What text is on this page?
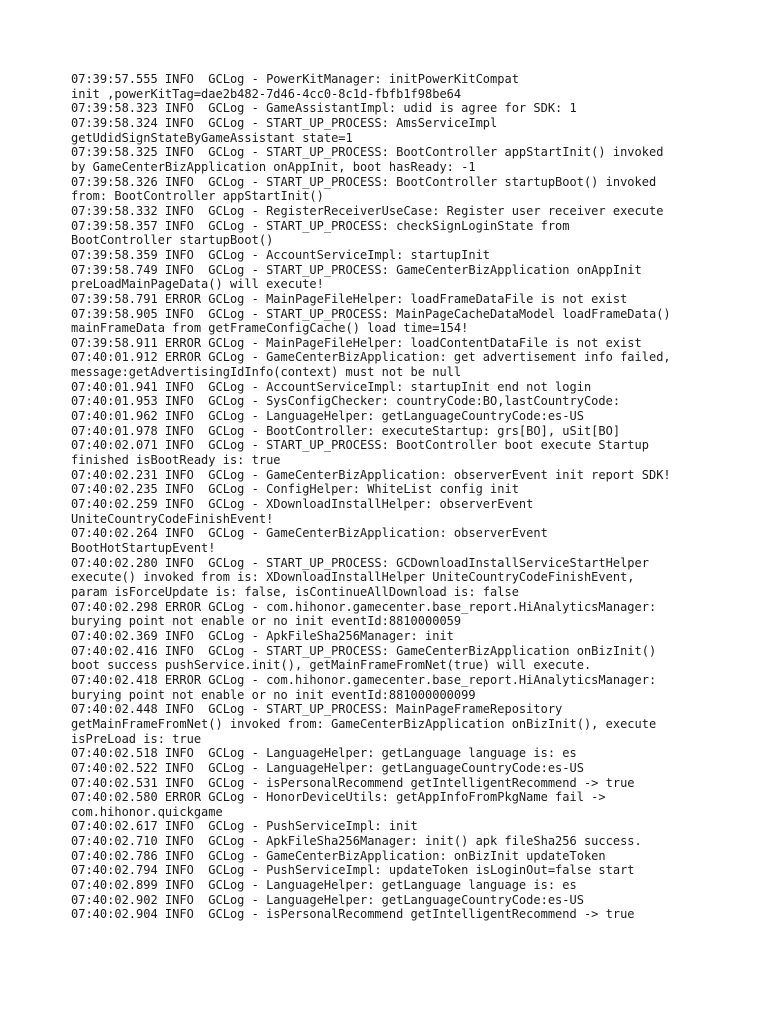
07:39:57.555 INFO  GCLog - PowerKitManager: initPowerKitCompat
init ,powerKitTag=dae2b482-7d46-4cc0-8c1d-fbfb1f98be64
07:39:58.323 INFO  GCLog - GameAssistantImpl: udid is agree for SDK: 1
07:39:58.324 INFO  GCLog - START_UP_PROCESS: AmsServiceImpl
getUdidSignStateByGameAssistant state=1
07:39:58.325 INFO  GCLog - START_UP_PROCESS: BootController appStartInit() invoked
by GameCenterBizApplication onAppInit, boot hasReady: -1
07:39:58.326 INFO  GCLog - START_UP_PROCESS: BootController startupBoot() invoked
from: BootController appStartInit()
07:39:58.332 INFO  GCLog - RegisterReceiverUseCase: Register user receiver execute
07:39:58.357 INFO  GCLog - START_UP_PROCESS: checkSignLoginState from
BootController startupBoot()
07:39:58.359 INFO  GCLog - AccountServiceImpl: startupInit
07:39:58.749 INFO  GCLog - START_UP_PROCESS: GameCenterBizApplication onAppInit
preLoadMainPageData() will execute!
07:39:58.791 ERROR GCLog - MainPageFileHelper: loadFrameDataFile is not exist
07:39:58.905 INFO  GCLog - START_UP_PROCESS: MainPageCacheDataModel loadFrameData()
mainFrameData from getFrameConfigCache() load time=154!
07:39:58.911 ERROR GCLog - MainPageFileHelper: loadContentDataFile is not exist
07:40:01.912 ERROR GCLog - GameCenterBizApplication: get advertisement info failed,
message:getAdvertisingIdInfo(context) must not be null
07:40:01.941 INFO  GCLog - AccountServiceImpl: startupInit end not login
07:40:01.953 INFO  GCLog - SysConfigChecker: countryCode:BO,lastCountryCode:
07:40:01.962 INFO  GCLog - LanguageHelper: getLanguageCountryCode:es-US
07:40:01.978 INFO  GCLog - BootController: executeStartup: grs[BO], uSit[BO]
07:40:02.071 INFO  GCLog - START_UP_PROCESS: BootController boot execute Startup
finished isBootReady is: true
07:40:02.231 INFO  GCLog - GameCenterBizApplication: observerEvent init report SDK!
07:40:02.235 INFO  GCLog - ConfigHelper: WhiteList config init
07:40:02.259 INFO  GCLog - XDownloadInstallHelper: observerEvent
UniteCountryCodeFinishEvent!
07:40:02.264 INFO  GCLog - GameCenterBizApplication: observerEvent
BootHotStartupEvent!
07:40:02.280 INFO  GCLog - START_UP_PROCESS: GCDownloadInstallServiceStartHelper
execute() invoked from is: XDownloadInstallHelper UniteCountryCodeFinishEvent,
param isForceUpdate is: false, isContinueAllDownload is: false
07:40:02.298 ERROR GCLog - com.hihonor.gamecenter.base_report.HiAnalyticsManager:
burying point not enable or no init eventId:8810000059
07:40:02.369 INFO  GCLog - ApkFileSha256Manager: init
07:40:02.416 INFO  GCLog - START_UP_PROCESS: GameCenterBizApplication onBizInit()
boot success pushService.init(), getMainFrameFromNet(true) will execute.
07:40:02.418 ERROR GCLog - com.hihonor.gamecenter.base_report.HiAnalyticsManager:
burying point not enable or no init eventId:881000000099
07:40:02.448 INFO  GCLog - START_UP_PROCESS: MainPageFrameRepository
getMainFrameFromNet() invoked from: GameCenterBizApplication onBizInit(), execute
isPreLoad is: true
07:40:02.518 INFO  GCLog - LanguageHelper: getLanguage language is: es
07:40:02.522 INFO  GCLog - LanguageHelper: getLanguageCountryCode:es-US
07:40:02.531 INFO  GCLog - isPersonalRecommend getIntelligentRecommend -> true
07:40:02.580 ERROR GCLog - HonorDeviceUtils: getAppInfoFromPkgName fail ->
com.hihonor.quickgame
07:40:02.617 INFO  GCLog - PushServiceImpl: init
07:40:02.710 INFO  GCLog - ApkFileSha256Manager: init() apk fileSha256 success.
07:40:02.786 INFO  GCLog - GameCenterBizApplication: onBizInit updateToken
07:40:02.794 INFO  GCLog - PushServiceImpl: updateToken isLoginOut=false start
07:40:02.899 INFO  GCLog - LanguageHelper: getLanguage language is: es
07:40:02.902 INFO  GCLog - LanguageHelper: getLanguageCountryCode:es-US
07:40:02.904 INFO  GCLog - isPersonalRecommend getIntelligentRecommend -> true
